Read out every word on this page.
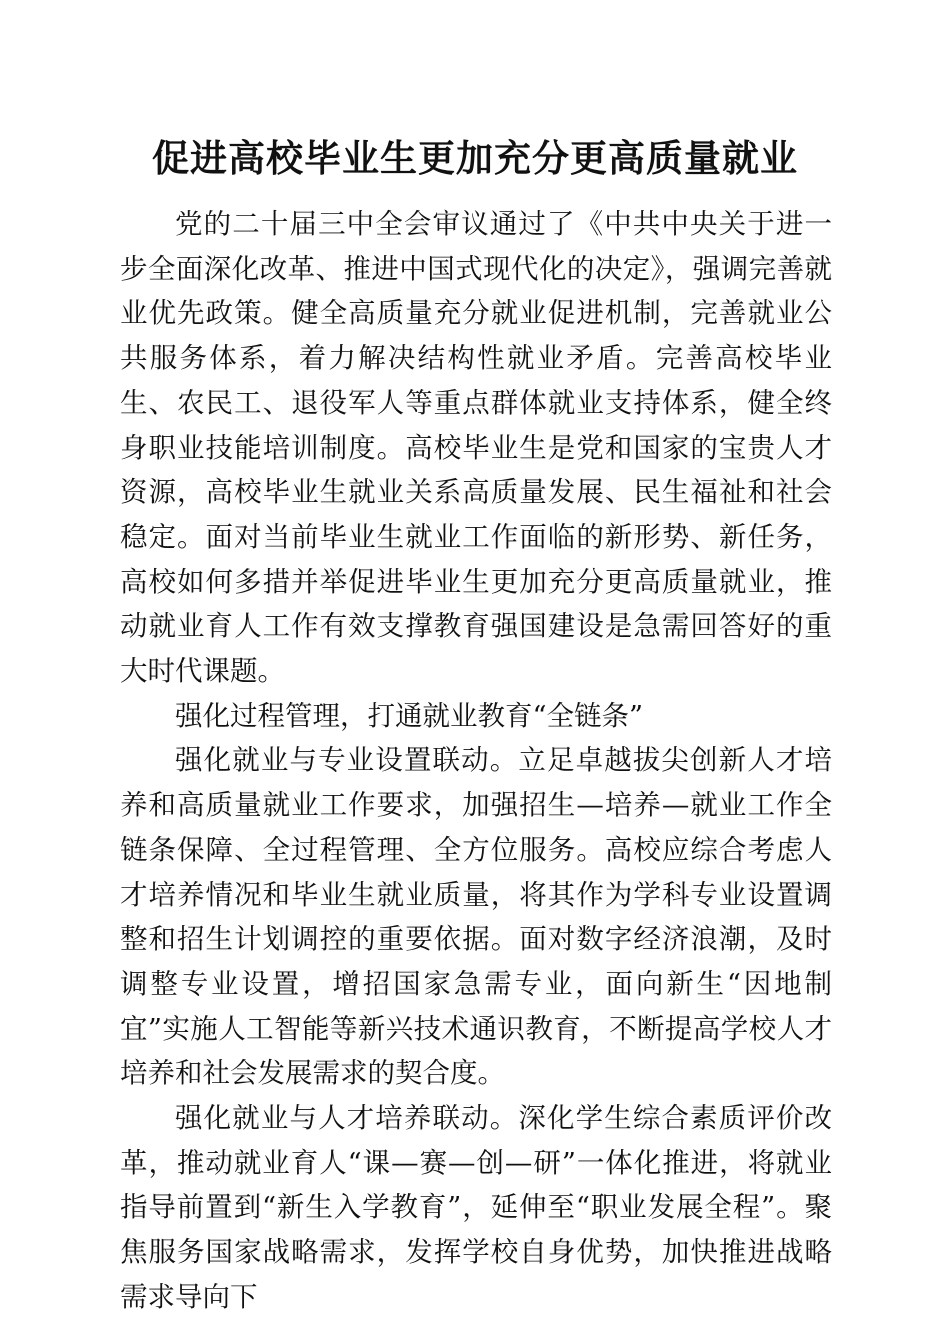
促进高校毕业生更加充分更高质量就业

党的二十届三中全会审议通过了《中共中央关于进一步全面深化改革、推进中国式现代化的决定》，强调完善就业优先政策。健全高质量充分就业促进机制，完善就业公共服务体系，着力解决结构性就业矛盾。完善高校毕业生、农民工、退役军人等重点群体就业支持体系，健全终身职业技能培训制度。高校毕业生是党和国家的宝贵人才资源，高校毕业生就业关系高质量发展、民生福祉和社会稳定。面对当前毕业生就业工作面临的新形势、新任务，高校如何多措并举促进毕业生更加充分更高质量就业，推动就业育人工作有效支撑教育强国建设是急需回答好的重大时代课题。

强化过程管理，打通就业教育“全链条”

强化就业与专业设置联动。立足卓越拔尖创新人才培养和高质量就业工作要求，加强招生—培养—就业工作全链条保障、全过程管理、全方位服务。高校应综合考虑人才培养情况和毕业生就业质量，将其作为学科专业设置调整和招生计划调控的重要依据。面对数字经济浪潮，及时调整专业设置，增招国家急需专业，面向新生“因地制宜”实施人工智能等新兴技术通识教育，不断提高学校人才培养和社会发展需求的契合度。

强化就业与人才培养联动。深化学生综合素质评价改革，推动就业育人“课—赛—创—研”一体化推进，将就业指导前置到“新生入学教育”，延伸至“职业发展全程”。聚焦服务国家战略需求，发挥学校自身优势，加快推进战略需求导向下
